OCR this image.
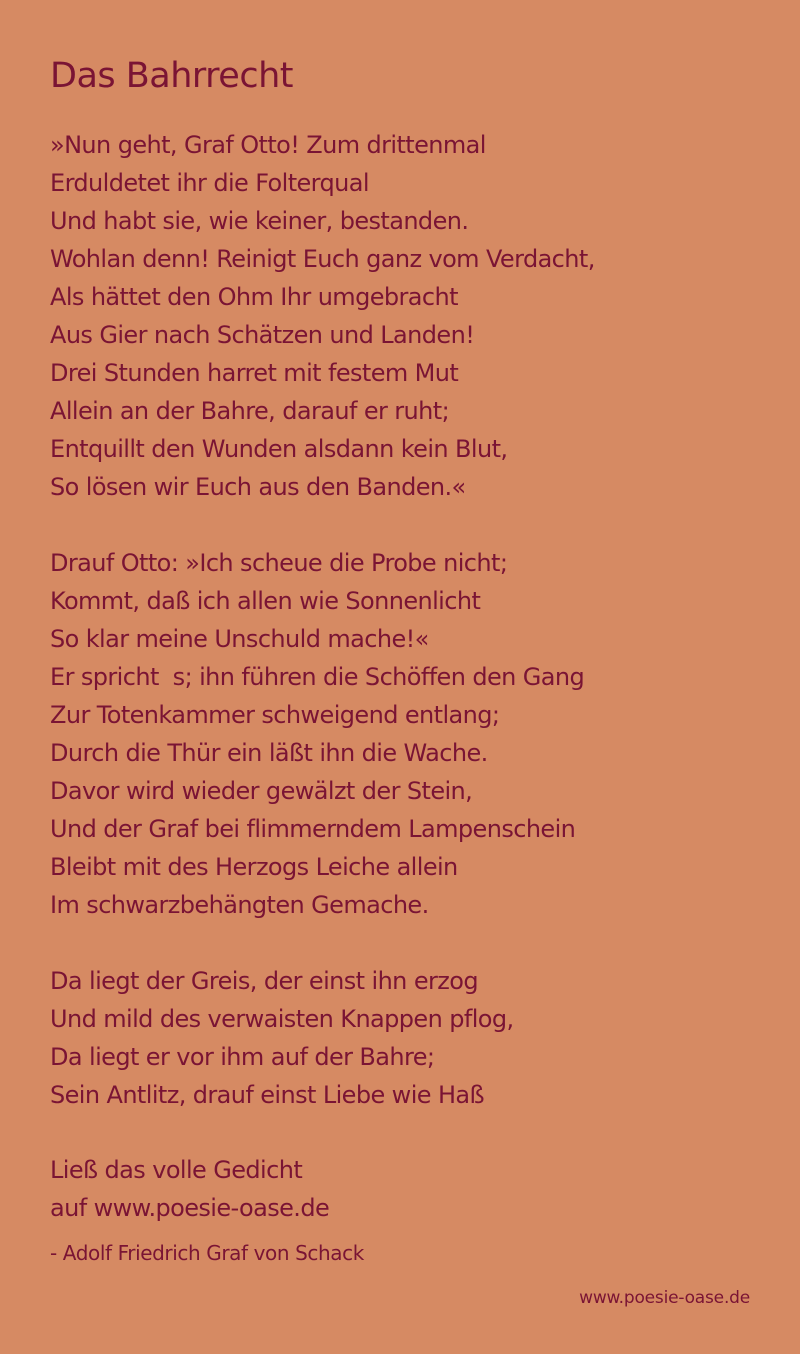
Das Bahrrecht
»Nun geht, Graf Otto! Zum drittenmal
Erduldetet ihr die Folterqual
Und habt sie, wie keiner, bestanden.
Wohlan denn! Reinigt Euch ganz vom Verdacht,
Als hättet den Ohm Ihr umgebracht
Aus Gier nach Schätzen und Landen!
Drei Stunden harret mit festem Mut
Allein an der Bahre, darauf er ruht;
Entquillt den Wunden alsdann kein Blut,
So lösen wir Euch aus den Banden.«
Drauf Otto: »Ich scheue die Probe nicht;
Kommt, daß ich allen wie Sonnenlicht
So klar meine Unschuld mache!«
Er sprichts; ihn führen die Schöffen den Gang
Zur Totenkammer schweigend entlang;
Durch die Thür ein läßt ihn die Wache.
Davor wird wieder gewälzt der Stein,
Und der Graf bei flimmerndem Lampenschein
Bleibt mit des Herzogs Leiche allein
Im schwarzbehängten Gemache.
Da liegt der Greis, der einst ihn erzog
Und mild des verwaisten Knappen pflog,
Da liegt er vor ihm auf der Bahre;
Sein Antlitz, drauf einst Liebe wie Haß
Ließ das volle Gedicht
auf www.poesie-oase.de
- Adolf Friedrich Graf von Schack
www.poesie-oase.de
